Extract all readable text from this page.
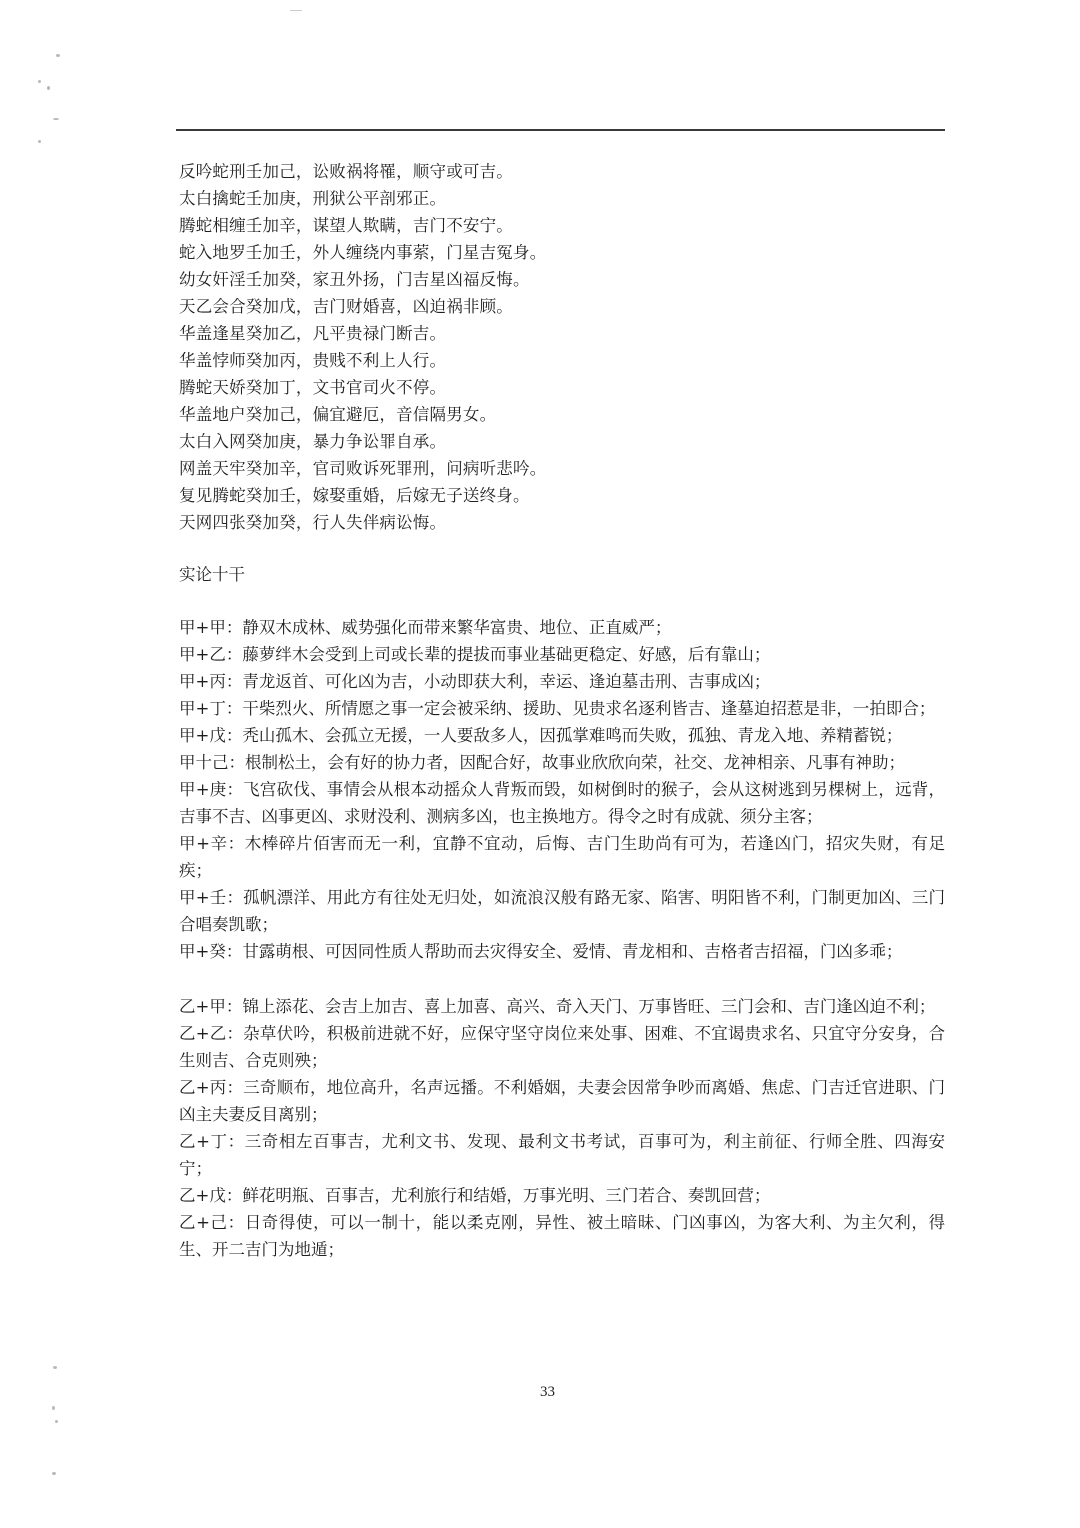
反吟蛇刑壬加己，讼败祸将罹，顺守或可吉。
太白擒蛇壬加庚，刑狱公平剖邪正。
腾蛇相缠壬加辛，谋望人欺瞒，吉门不安宁。
蛇入地罗壬加壬，外人缠绕内事萦，门星吉冤身。
幼女奸淫壬加癸，家丑外扬，门吉星凶福反悔。
天乙会合癸加戊，吉门财婚喜，凶迫祸非顾。
华盖逢星癸加乙，凡平贵禄门断吉。
华盖悖师癸加丙，贵贱不利上人行。
腾蛇天娇癸加丁，文书官司火不停。
华盖地户癸加己，偏宜避厄，音信隔男女。
太白入网癸加庚，暴力争讼罪自承。
网盖天牢癸加辛，官司败诉死罪刑，问病听悲吟。
复见腾蛇癸加壬，嫁娶重婚，后嫁无子送终身。
天网四张癸加癸，行人失伴病讼悔。
实论十干
甲+甲：静双木成林、威势强化而带来繁华富贵、地位、正直威严；
甲+乙：藤萝绊木会受到上司或长辈的提拔而事业基础更稳定、好感，后有靠山；
甲+丙：青龙返首、可化凶为吉，小动即获大利，幸运、逢迫墓击刑、吉事成凶；
甲+丁：干柴烈火、所情愿之事一定会被采纳、援助、见贵求名逐利皆吉、逢墓迫招惹是非，一拍即合；
甲+戊：秃山孤木、会孤立无援，一人要敌多人，因孤掌难鸣而失败，孤独、青龙入地、养精蓄锐；
甲十己：根制松土，会有好的协力者，因配合好，故事业欣欣向荣，社交、龙神相亲、凡事有神助；
甲+庚：飞宫砍伐、事情会从根本动摇众人背叛而毁，如树倒时的猴子，会从这树逃到另棵树上，远背，吉事不吉、凶事更凶、求财没利、测病多凶，也主换地方。得令之时有成就、须分主客；
甲+辛：木棒碎片佰害而无一利，宜静不宜动，后悔、吉门生助尚有可为，若逢凶门，招灾失财，有足疾；
甲+壬：孤帆漂洋、用此方有往处无归处，如流浪汉般有路无家、陷害、明阳皆不利，门制更加凶、三门合唱奏凯歌；
甲+癸：甘露萌根、可因同性质人帮助而去灾得安全、爱情、青龙相和、吉格者吉招福，门凶多乖；
乙+甲：锦上添花、会吉上加吉、喜上加喜、高兴、奇入天门、万事皆旺、三门会和、吉门逢凶迫不利；
乙+乙：杂草伏吟，积极前进就不好，应保守坚守岗位来处事、困难、不宜谒贵求名、只宜守分安身，合生则吉、合克则殃；
乙+丙：三奇顺布，地位高升，名声远播。不利婚姻，夫妻会因常争吵而离婚、焦虑、门吉迁官进职、门凶主夫妻反目离别；
乙+丁：三奇相左百事吉，尤利文书、发现、最利文书考试，百事可为，利主前征、行师全胜、四海安宁；
乙+戊：鲜花明瓶、百事吉，尤利旅行和结婚，万事光明、三门若合、奏凯回营；
乙+己：日奇得使，可以一制十，能以柔克刚，异性、被土暗昧、门凶事凶，为客大利、为主欠利，得生、开二吉门为地遁；
33
